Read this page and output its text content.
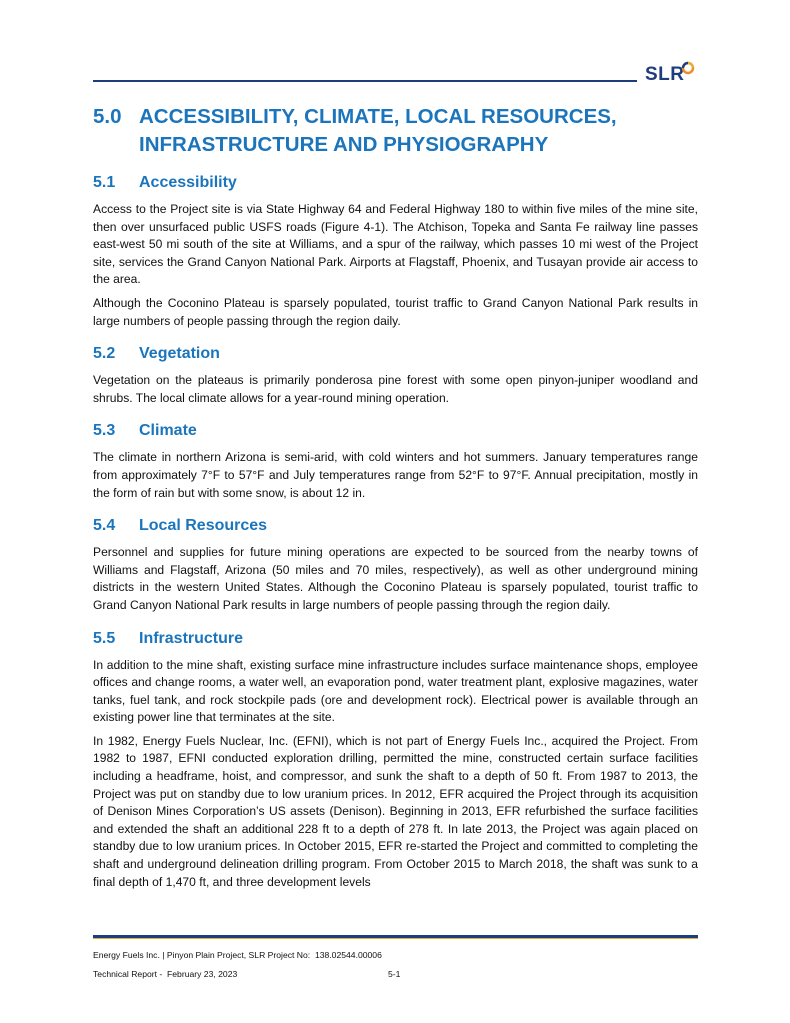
SLR
5.0 ACCESSIBILITY, CLIMATE, LOCAL RESOURCES,
INFRASTRUCTURE AND PHYSIOGRAPHY
5.1	Accessibility

Access to the Project site is via State Highway 64 and Federal Highway 180 to within five miles of the mine site, then over unsurfaced public USFS roads (Figure 4-1). The Atchison, Topeka and Santa Fe railway line passes east-west 50 mi south of the site at Williams, and a spur of the railway, which passes 10 mi west of the Project site, services the Grand Canyon National Park. Airports at Flagstaff, Phoenix, and Tusayan provide air access to the area.

Although the Coconino Plateau is sparsely populated, tourist traffic to Grand Canyon National Park results in large numbers of people passing through the region daily.

5.2	Vegetation

Vegetation on the plateaus is primarily ponderosa pine forest with some open pinyon-juniper woodland and shrubs. The local climate allows for a year-round mining operation.

5.3	Climate

The climate in northern Arizona is semi-arid, with cold winters and hot summers. January temperatures range from approximately 7°F to 57°F and July temperatures range from 52°F to 97°F. Annual precipitation, mostly in the form of rain but with some snow, is about 12 in.

5.4	Local Resources

Personnel and supplies for future mining operations are expected to be sourced from the nearby towns of Williams and Flagstaff, Arizona (50 miles and 70 miles, respectively), as well as other underground mining districts in the western United States. Although the Coconino Plateau is sparsely populated, tourist traffic to Grand Canyon National Park results in large numbers of people passing through the region daily.

5.5	Infrastructure

In addition to the mine shaft, existing surface mine infrastructure includes surface maintenance shops, employee offices and change rooms, a water well, an evaporation pond, water treatment plant, explosive magazines, water tanks, fuel tank, and rock stockpile pads (ore and development rock). Electrical power is available through an existing power line that terminates at the site.

In 1982, Energy Fuels Nuclear, Inc. (EFNI), which is not part of Energy Fuels Inc., acquired the Project. From 1982 to 1987, EFNI conducted exploration drilling, permitted the mine, constructed certain surface facilities including a headframe, hoist, and compressor, and sunk the shaft to a depth of 50 ft. From 1987 to 2013, the Project was put on standby due to low uranium prices. In 2012, EFR acquired the Project through its acquisition of Denison Mines Corporation’s US assets (Denison). Beginning in 2013, EFR refurbished the surface facilities and extended the shaft an additional 228 ft to a depth of 278 ft. In late 2013, the Project was again placed on standby due to low uranium prices. In October 2015, EFR re-started the Project and committed to completing the shaft and underground delineation drilling program. From October 2015 to March 2018, the shaft was sunk to a final depth of 1,470 ft, and three development levels

Energy Fuels Inc. | Pinyon Plain Project, SLR Project No:  138.02544.00006
Technical Report -  February 23, 2023	5-1
